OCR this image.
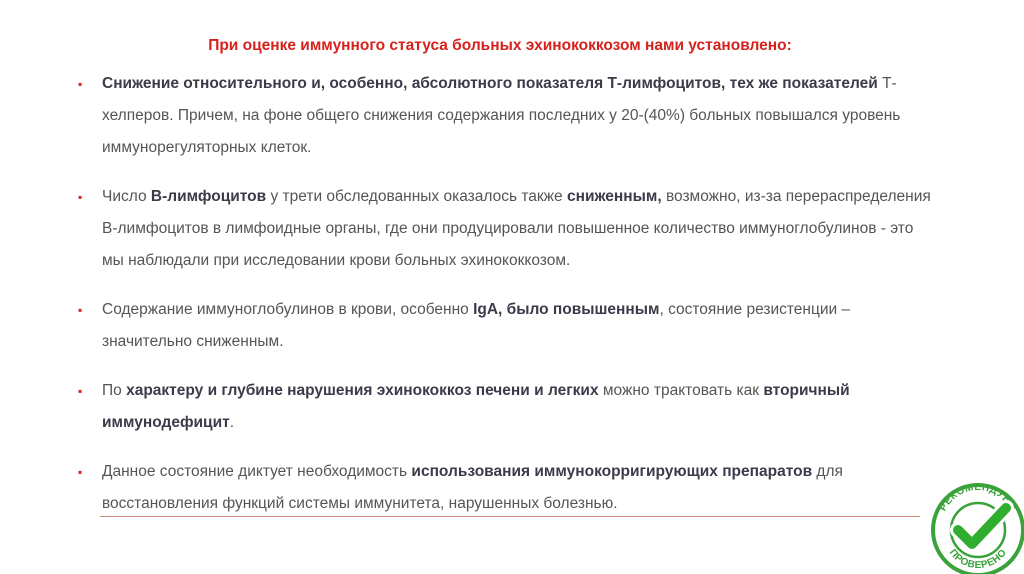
При оценке иммунного статуса больных эхинококкозом нами установлено:
▪ Снижение относительного и, особенно, абсолютного показателя Т-лимфоцитов, тех же показателей Т-хелперов. Причем, на фоне общего снижения содержания последних у 20-(40%) больных повышался уровень иммунорегуляторных клеток.
▪ Число В-лимфоцитов у трети обследованных оказалось также сниженным, возможно, из-за перераспределения В-лимфоцитов в лимфоидные органы, где они продуцировали повышенное количество иммуноглобулинов - это мы наблюдали при исследовании крови больных эхинококкозом.
▪ Содержание иммуноглобулинов в крови, особенно IgA, было повышенным, состояние резистенции – значительно сниженным.
▪ По характеру и глубине нарушения эхинококкоз печени и легких можно трактовать как вторичный иммунодефицит.
▪ Данное состояние диктует необходимость использования иммунокорригирующих препаратов для восстановления функций системы иммунитета, нарушенных болезнью.	РЕКОМЕНДУЕМ
ПРОВЕРЕНО
